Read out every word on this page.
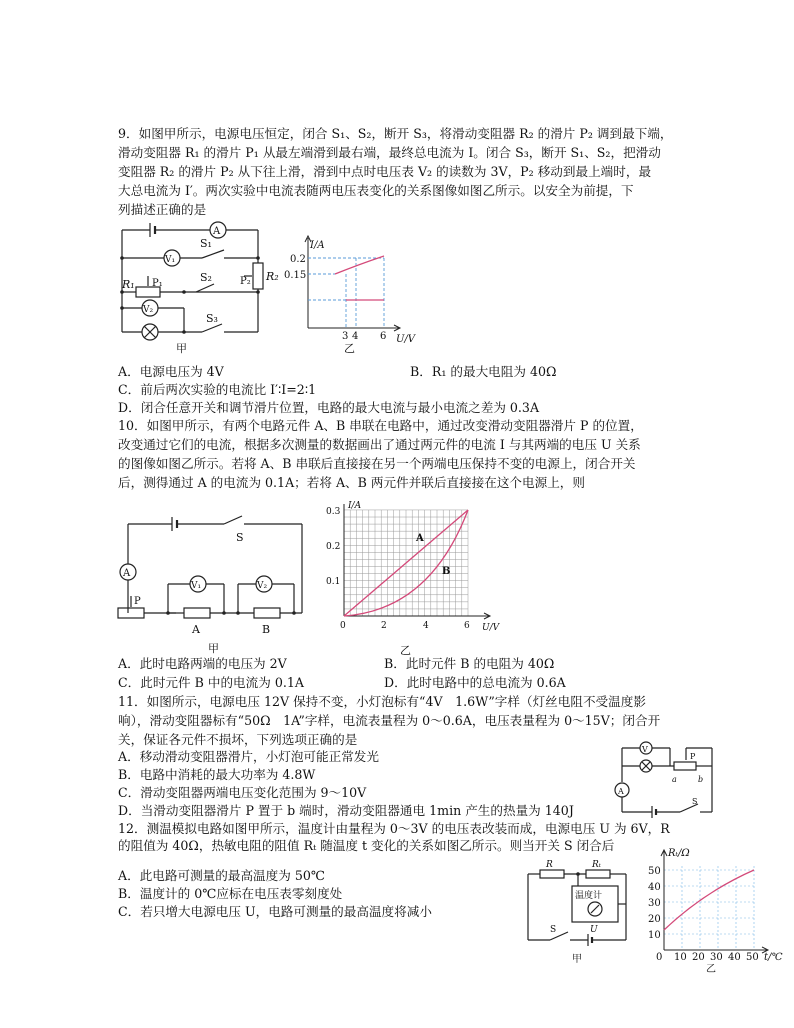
9．如图甲所示，电源电压恒定，闭合 S₁、S₂，断开 S₃，将滑动变阻器 R₂ 的滑片 P₂ 调到最下端，
滑动变阻器 R₁ 的滑片 P₁ 从最左端滑到最右端，最终总电流为 I。闭合 S₃，断开 S₁、S₂，把滑动
变阻器 R₂ 的滑片 P₂ 从下往上滑，滑到中点时电压表 V₂ 的读数为 3V，P₂ 移动到最上端时，最
大总电流为 I′。两次实验中电流表随两电压表变化的关系图像如图乙所示。以安全为前提，下
列描述正确的是
A
V₁
V₂
S₁
S₂
S₃
R₁ P₁
R₂
P₂
甲
I/A
0.2
0.15
3 4 6 U/V
乙
A．电源电压为 4V	B．R₁ 的最大电阻为 40Ω
C．前后两次实验的电流比 I′∶I=2∶1
D．闭合任意开关和调节滑片位置，电路的最大电流与最小电流之差为 0.3A
10．如图甲所示，有两个电路元件 A、B 串联在电路中，通过改变滑动变阻器滑片 P 的位置，
改变通过它们的电流，根据多次测量的数据画出了通过两元件的电流 I 与其两端的电压 U 关系
的图像如图乙所示。若将 A、B 串联后直接接在另一个两端电压保持不变的电源上，闭合开关
后，测得通过 A 的电流为 0.1A；若将 A、B 两元件并联后直接接在这个电源上，则
S
A
V₁	V₂
P
A	B
甲
I/A
0.3
0.2
0.1
0	2	4	6 U/V
A
B
乙
A．此时电路两端的电压为 2V	B．此时元件 B 的电阻为 40Ω
C．此时元件 B 中的电流为 0.1A	D．此时电路中的总电流为 0.6A
11．如图所示，电源电压 12V 保持不变，小灯泡标有“4V　1.6W”字样（灯丝电阻不受温度影
响），滑动变阻器标有“50Ω　1A”字样，电流表量程为 0～0.6A，电压表量程为 0～15V；闭合开
关，保证各元件不损坏，下列选项正确的是
A．移动滑动变阻器滑片，小灯泡可能正常发光
B．电路中消耗的最大功率为 4.8W
C．滑动变阻器两端电压变化范围为 9～10V
D．当滑动变阻器滑片 P 置于 b 端时，滑动变阻器通电 1min 产生的热量为 140J
V
A
P
a	b
S
12．测温模拟电路如图甲所示，温度计由量程为 0～3V 的电压表改装而成，电源电压 U 为 6V，R
的阻值为 40Ω，热敏电阻的阻值 Rₜ 随温度 t 变化的关系如图乙所示。则当开关 S 闭合后
A．此电路可测量的最高温度为 50℃
B．温度计的 0℃应标在电压表零刻度处
C．若只增大电源电压 U，电路可测量的最高温度将减小
R	Rₜ
温度计
S	U
甲
Rₜ/Ω
50
40
30
20
10
0 10 20 30 40 50 t/℃
乙
